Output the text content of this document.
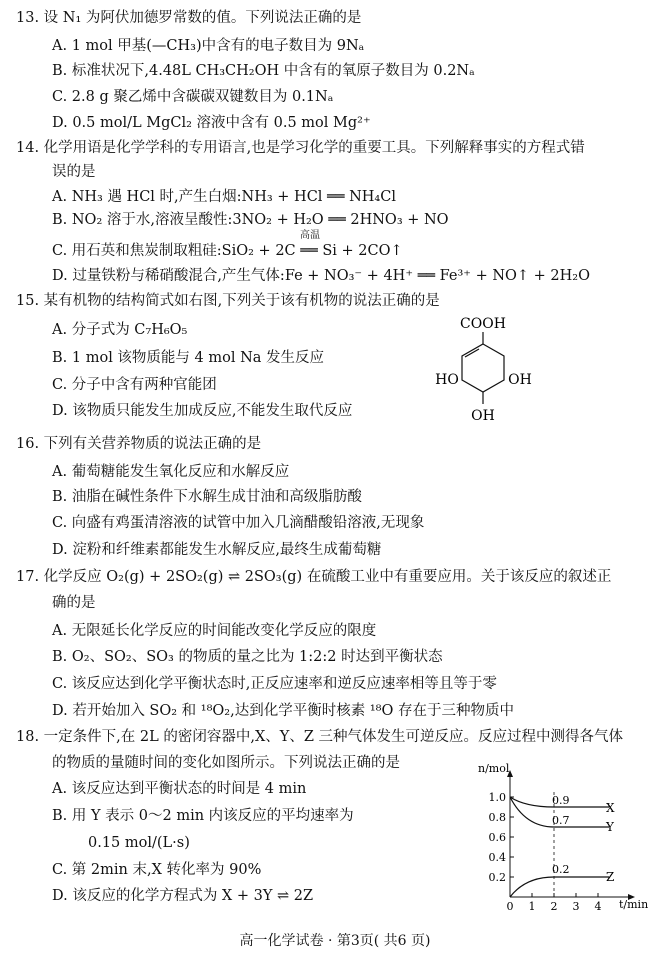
13. 设 N₁ 为阿伏加德罗常数的值。下列说法正确的是
A. 1 mol 甲基(—CH₃)中含有的电子数目为 9Nₐ
B. 标准状况下,4.48L CH₃CH₂OH 中含有的氧原子数目为 0.2Nₐ
C. 2.8 g 聚乙烯中含碳碳双键数目为 0.1Nₐ
D. 0.5 mol/L MgCl₂ 溶液中含有 0.5 mol Mg²⁺
14. 化学用语是化学学科的专用语言,也是学习化学的重要工具。下列解释事实的方程式错
误的是
A. NH₃ 遇 HCl 时,产生白烟:NH₃ + HCl ══ NH₄Cl
B. NO₂ 溶于水,溶液呈酸性:3NO₂ + H₂O ══ 2HNO₃ + NO
高温
C. 用石英和焦炭制取粗硅:SiO₂ + 2C ══ Si + 2CO↑
D. 过量铁粉与稀硝酸混合,产生气体:Fe + NO₃⁻ + 4H⁺ ══ Fe³⁺ + NO↑ + 2H₂O
15. 某有机物的结构简式如右图,下列关于该有机物的说法正确的是
A. 分子式为 C₇H₆O₅
B. 1 mol 该物质能与 4 mol Na 发生反应
C. 分子中含有两种官能团
D. 该物质只能发生加成反应,不能发生取代反应
COOH
HO	OH
OH
16. 下列有关营养物质的说法正确的是
A. 葡萄糖能发生氧化反应和水解反应
B. 油脂在碱性条件下水解生成甘油和高级脂肪酸
C. 向盛有鸡蛋清溶液的试管中加入几滴醋酸铅溶液,无现象
D. 淀粉和纤维素都能发生水解反应,最终生成葡萄糖
17. 化学反应 O₂(g) + 2SO₂(g) ⇌ 2SO₃(g) 在硫酸工业中有重要应用。关于该反应的叙述正
确的是
A. 无限延长化学反应的时间能改变化学反应的限度
B. O₂、SO₂、SO₃ 的物质的量之比为 1:2:2 时达到平衡状态
C. 该反应达到化学平衡状态时,正反应速率和逆反应速率相等且等于零
D. 若开始加入 SO₂ 和 ¹⁸O₂,达到化学平衡时核素 ¹⁸O 存在于三种物质中
18. 一定条件下,在 2L 的密闭容器中,X、Y、Z 三种气体发生可逆反应。反应过程中测得各气体
的物质的量随时间的变化如图所示。下列说法正确的是
A. 该反应达到平衡状态的时间是 4 min
B. 用 Y 表示 0～2 min 内该反应的平均速率为
0.15 mol/(L·s)
C. 第 2min 末,X 转化率为 90%
D. 该反应的化学方程式为 X + 3Y ⇌ 2Z
n/mol
t/min
1.0
0.8
0.6
0.4
0.2
0 1 2 3 4
0.9
0.7
0.2
X
Y
Z
高一化学试卷 · 第3页( 共6 页)
